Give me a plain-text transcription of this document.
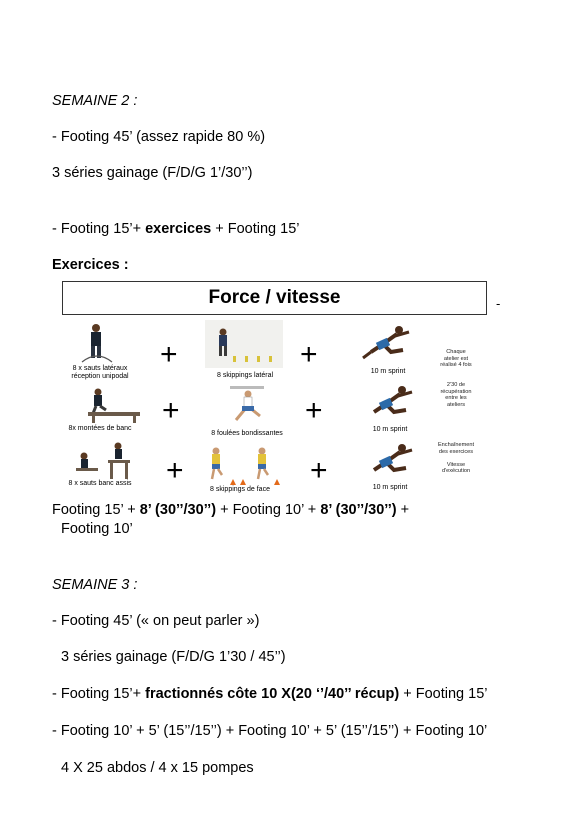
SEMAINE 2 :
- Footing 45’ (assez rapide 80 %)
3 séries gainage (F/D/G 1’/30’’)
- Footing 15’+ exercices + Footing 15’
Exercices :
Force / vitesse	-
8 x sauts latéraux
réception unipodal
+
8 skippings latéral
+
10 m sprint
Chaque
atelier est
réalisé 4 fois
8x montées de banc
+
8 foulées bondissantes
+
10 m sprint
2'30 de
récupération
entre les
ateliers
8 x sauts banc assis	+
8 skippings de face
+
10 m sprint
Enchaînement
des exercices

Vitesse
d'exécution
Footing 15’ + 8’ (30’’/30’’) + Footing 10’ + 8’ (30’’/30’’) +
Footing 10’
SEMAINE 3 :
- Footing 45’ (« on peut parler »)
3 séries gainage (F/D/G 1’30 / 45’’)
- Footing 15’+ fractionnés côte 10 X(20 ‘’/40’’ récup) + Footing 15’
- Footing 10’ + 5’ (15’’/15’’) + Footing 10’ + 5’ (15’’/15’’) + Footing 10’
4 X 25 abdos / 4 x 15 pompes
